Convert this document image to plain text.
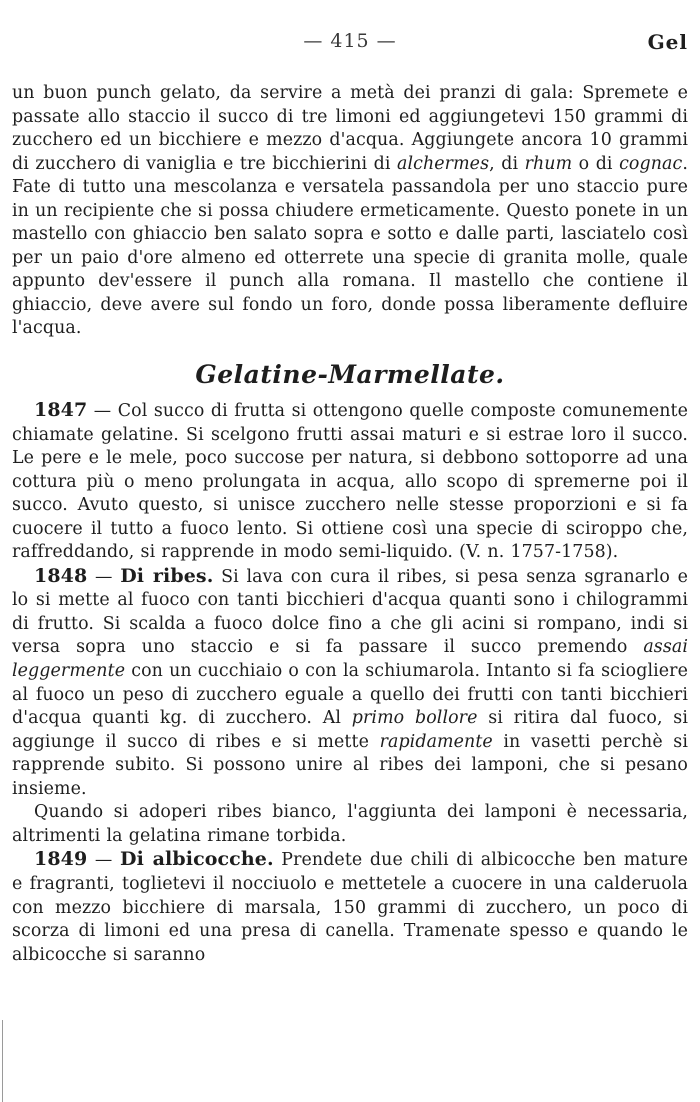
— 415 —	Gel

un buon punch gelato, da servire a metà dei pranzi di gala: Spremete e passate allo staccio il succo di tre limoni ed aggiungetevi 150 grammi di zucchero ed un bicchiere e mezzo d'acqua. Aggiungete ancora 10 grammi di zucchero di vaniglia e tre bicchierini di alchermes, di rhum o di cognac. Fate di tutto una mescolanza e versatela passandola per uno staccio pure in un recipiente che si possa chiudere ermeticamente. Questo ponete in un mastello con ghiaccio ben salato sopra e sotto e dalle parti, lasciatelo così per un paio d'ore almeno ed otterrete una specie di granita molle, quale appunto dev'essere il punch alla romana. Il mastello che contiene il ghiaccio, deve avere sul fondo un foro, donde possa liberamente defluire l'acqua.

Gelatine-Marmellate.

1847 — Col succo di frutta si ottengono quelle composte comunemente chiamate gelatine. Si scelgono frutti assai maturi e si estrae loro il succo. Le pere e le mele, poco succose per natura, si debbono sottoporre ad una cottura più o meno prolungata in acqua, allo scopo di spremerne poi il succo. Avuto questo, si unisce zucchero nelle stesse proporzioni e si fa cuocere il tutto a fuoco lento. Si ottiene così una specie di sciroppo che, raffreddando, si rapprende in modo semi-liquido. (V. n. 1757-1758).

1848 — Di ribes. Si lava con cura il ribes, si pesa senza sgranarlo e lo si mette al fuoco con tanti bicchieri d'acqua quanti sono i chilogrammi di frutto. Si scalda a fuoco dolce fino a che gli acini si rompano, indi si versa sopra uno staccio e si fa passare il succo premendo assai leggermente con un cucchiaio o con la schiumarola. Intanto si fa sciogliere al fuoco un peso di zucchero eguale a quello dei frutti con tanti bicchieri d'acqua quanti kg. di zucchero. Al primo bollore si ritira dal fuoco, si aggiunge il succo di ribes e si mette rapidamente in vasetti perchè si rapprende subito. Si possono unire al ribes dei lamponi, che si pesano insieme.

Quando si adoperi ribes bianco, l'aggiunta dei lamponi è necessaria, altrimenti la gelatina rimane torbida.

1849 — Di albicocche. Prendete due chili di albicocche ben mature e fragranti, toglietevi il nocciuolo e mettetele a cuocere in una calderuola con mezzo bicchiere di marsala, 150 grammi di zucchero, un poco di scorza di limoni ed una presa di canella. Tramenate spesso e quando le albicocche si saranno
